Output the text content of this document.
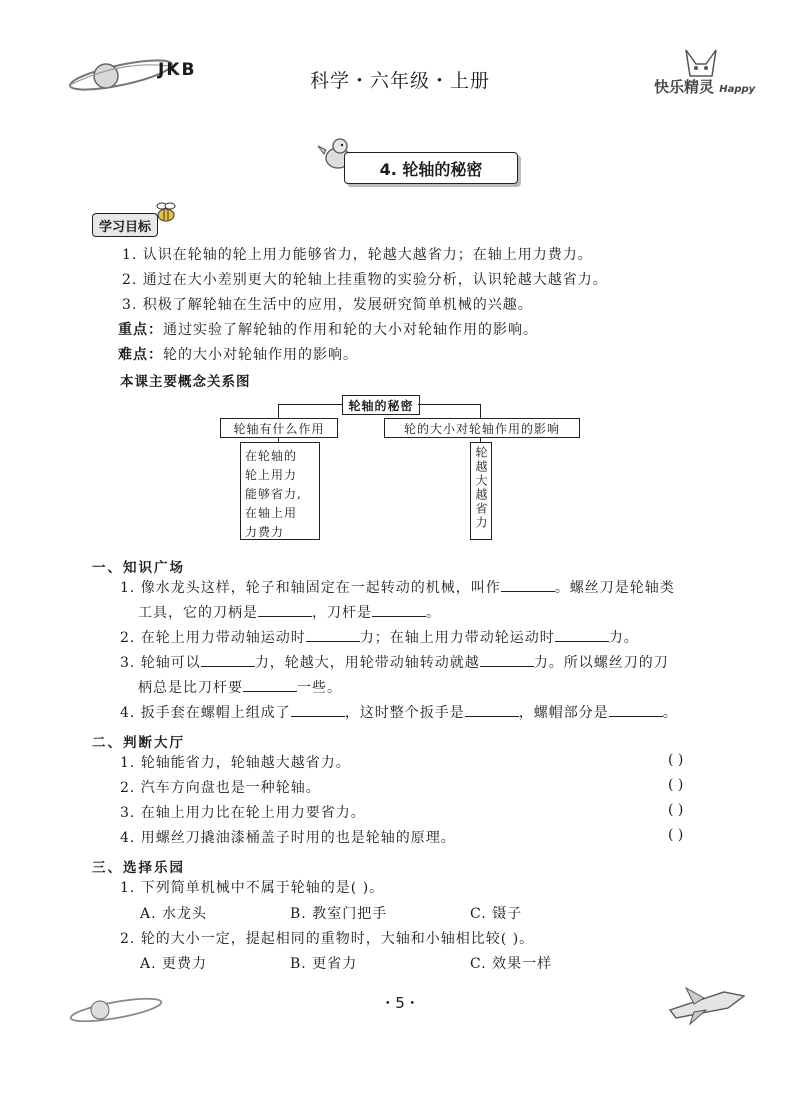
JKB	科学・六年级・上册	快乐精灵 Happy
4. 轮轴的秘密
学习目标
1. 认识在轮轴的轮上用力能够省力，轮越大越省力；在轴上用力费力。
2. 通过在大小差别更大的轮轴上挂重物的实验分析，认识轮越大越省力。
3. 积极了解轮轴在生活中的应用，发展研究简单机械的兴趣。
重点：通过实验了解轮轴的作用和轮的大小对轮轴作用的影响。
难点：轮的大小对轮轴作用的影响。
本课主要概念关系图
轮轴的秘密
轮轴有什么作用	轮的大小对轮轴作用的影响
在轮轴的
轮上用力
能够省力,
在轴上用
力费力
轮越大越省力
一、知识广场
1. 像水龙头这样，轮子和轴固定在一起转动的机械，叫作	。螺丝刀是轮轴类
工具，它的刀柄是	，刀杆是	。
2. 在轮上用力带动轴运动时	力；在轴上用力带动轮运动时	力。
3. 轮轴可以	力，轮越大，用轮带动轴转动就越	力。所以螺丝刀的刀
柄总是比刀杆要	一些。
4. 扳手套在螺帽上组成了	，这时整个扳手是	，螺帽部分是	。
二、判断大厅
1. 轮轴能省力，轮轴越大越省力。	( )
2. 汽车方向盘也是一种轮轴。	( )
3. 在轴上用力比在轮上用力要省力。	( )
4. 用螺丝刀撬油漆桶盖子时用的也是轮轴的原理。	( )
三、选择乐园
1. 下列简单机械中不属于轮轴的是( )。
A. 水龙头	B. 教室门把手	C. 镊子
2. 轮的大小一定，提起相同的重物时，大轴和小轴相比较( )。
A. 更费力	B. 更省力	C. 效果一样
・5・
